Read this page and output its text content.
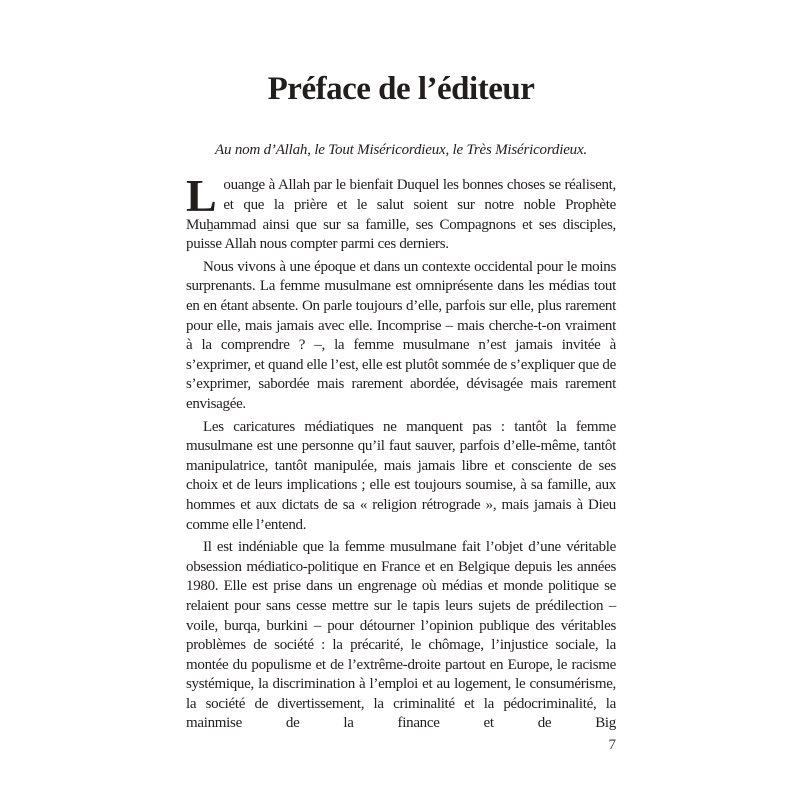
Préface de l’éditeur

Au nom d’Allah, le Tout Miséricordieux, le Très Miséricordieux.

Louange à Allah par le bienfait Duquel les bonnes choses se réalisent, et que la prière et le salut soient sur notre noble Prophète Muẖammad ainsi que sur sa famille, ses Compagnons et ses disciples, puisse Allah nous compter parmi ces derniers.

Nous vivons à une époque et dans un contexte occidental pour le moins surprenants. La femme musulmane est omniprésente dans les médias tout en en étant absente. On parle toujours d’elle, parfois sur elle, plus rarement pour elle, mais jamais avec elle. Incomprise – mais cherche-t-on vraiment à la comprendre ? –, la femme musulmane n’est jamais invitée à s’exprimer, et quand elle l’est, elle est plutôt sommée de s’expliquer que de s’exprimer, sabordée mais rarement abordée, dévisagée mais rarement envisagée.

Les caricatures médiatiques ne manquent pas : tantôt la femme musulmane est une personne qu’il faut sauver, parfois d’elle-même, tantôt manipulatrice, tantôt manipulée, mais jamais libre et consciente de ses choix et de leurs implications ; elle est toujours soumise, à sa famille, aux hommes et aux dictats de sa « religion rétrograde », mais jamais à Dieu comme elle l’entend.

Il est indéniable que la femme musulmane fait l’objet d’une véritable obsession médiatico-politique en France et en Belgique depuis les années 1980. Elle est prise dans un engrenage où médias et monde politique se relaient pour sans cesse mettre sur le tapis leurs sujets de prédilection – voile, burqa, burkini – pour détourner l’opinion publique des véritables problèmes de société : la précarité, le chômage, l’injustice sociale, la montée du populisme et de l’extrême-droite partout en Europe, le racisme systémique, la discrimination à l’emploi et au logement, le consumérisme, la société de divertissement, la criminalité et la pédocriminalité, la mainmise de la finance et de Big

7
